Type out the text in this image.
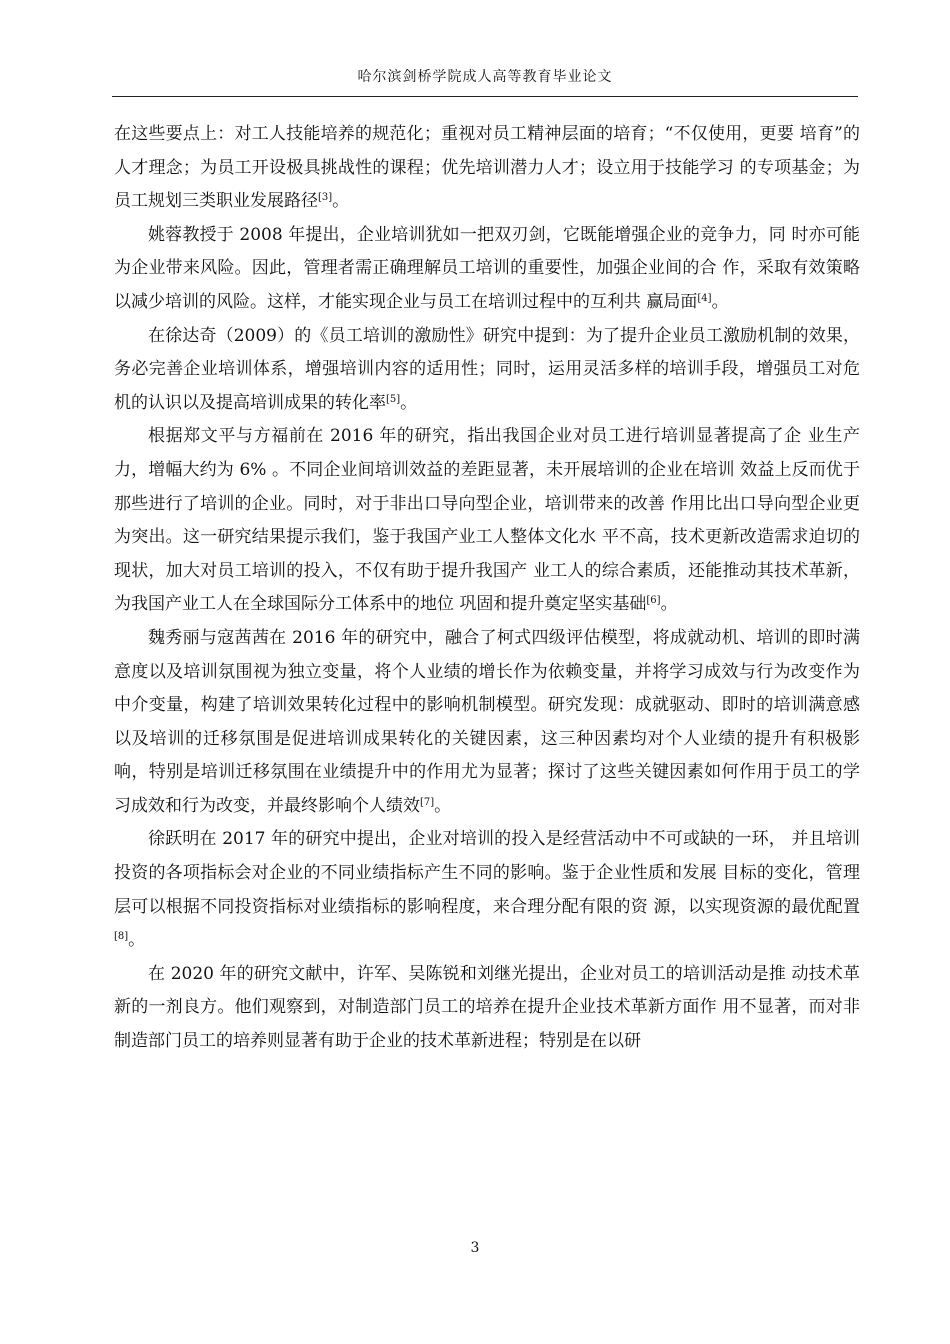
哈尔滨剑桥学院成人高等教育毕业论文

在这些要点上：对工人技能培养的规范化；重视对员工精神层面的培育；“不仅使用，更要 培育”的人才理念；为员工开设极具挑战性的课程；优先培训潜力人才；设立用于技能学习 的专项基金；为员工规划三类职业发展路径[3]。

姚蓉教授于 2008 年提出，企业培训犹如一把双刃剑，它既能增强企业的竞争力，同 时亦可能为企业带来风险。因此，管理者需正确理解员工培训的重要性，加强企业间的合 作，采取有效策略以减少培训的风险。这样，才能实现企业与员工在培训过程中的互利共 赢局面[4]。

在徐达奇（2009）的《员工培训的激励性》研究中提到：为了提升企业员工激励机制的效果，务必完善企业培训体系，增强培训内容的适用性；同时，运用灵活多样的培训手段，增强员工对危机的认识以及提高培训成果的转化率[5]。

根据郑文平与方福前在 2016 年的研究，指出我国企业对员工进行培训显著提高了企 业生产力，增幅大约为 6% 。不同企业间培训效益的差距显著，未开展培训的企业在培训 效益上反而优于那些进行了培训的企业。同时，对于非出口导向型企业，培训带来的改善 作用比出口导向型企业更为突出。这一研究结果提示我们，鉴于我国产业工人整体文化水 平不高，技术更新改造需求迫切的现状，加大对员工培训的投入，不仅有助于提升我国产 业工人的综合素质，还能推动其技术革新，为我国产业工人在全球国际分工体系中的地位 巩固和提升奠定坚实基础[6]。

魏秀丽与寇茜茜在 2016 年的研究中，融合了柯式四级评估模型，将成就动机、培训的即时满意度以及培训氛围视为独立变量，将个人业绩的增长作为依赖变量，并将学习成效与行为改变作为中介变量，构建了培训效果转化过程中的影响机制模型。研究发现：成就驱动、即时的培训满意感以及培训的迁移氛围是促进培训成果转化的关键因素，这三种因素均对个人业绩的提升有积极影响，特别是培训迁移氛围在业绩提升中的作用尤为显著；探讨了这些关键因素如何作用于员工的学习成效和行为改变，并最终影响个人绩效[7]。

徐跃明在 2017 年的研究中提出，企业对培训的投入是经营活动中不可或缺的一环， 并且培训投资的各项指标会对企业的不同业绩指标产生不同的影响。鉴于企业性质和发展 目标的变化，管理层可以根据不同投资指标对业绩指标的影响程度，来合理分配有限的资 源，以实现资源的最优配置[8]。

在 2020 年的研究文献中，许军、吴陈锐和刘继光提出，企业对员工的培训活动是推 动技术革新的一剂良方。他们观察到，对制造部门员工的培养在提升企业技术革新方面作 用不显著，而对非制造部门员工的培养则显著有助于企业的技术革新进程；特别是在以研

3
